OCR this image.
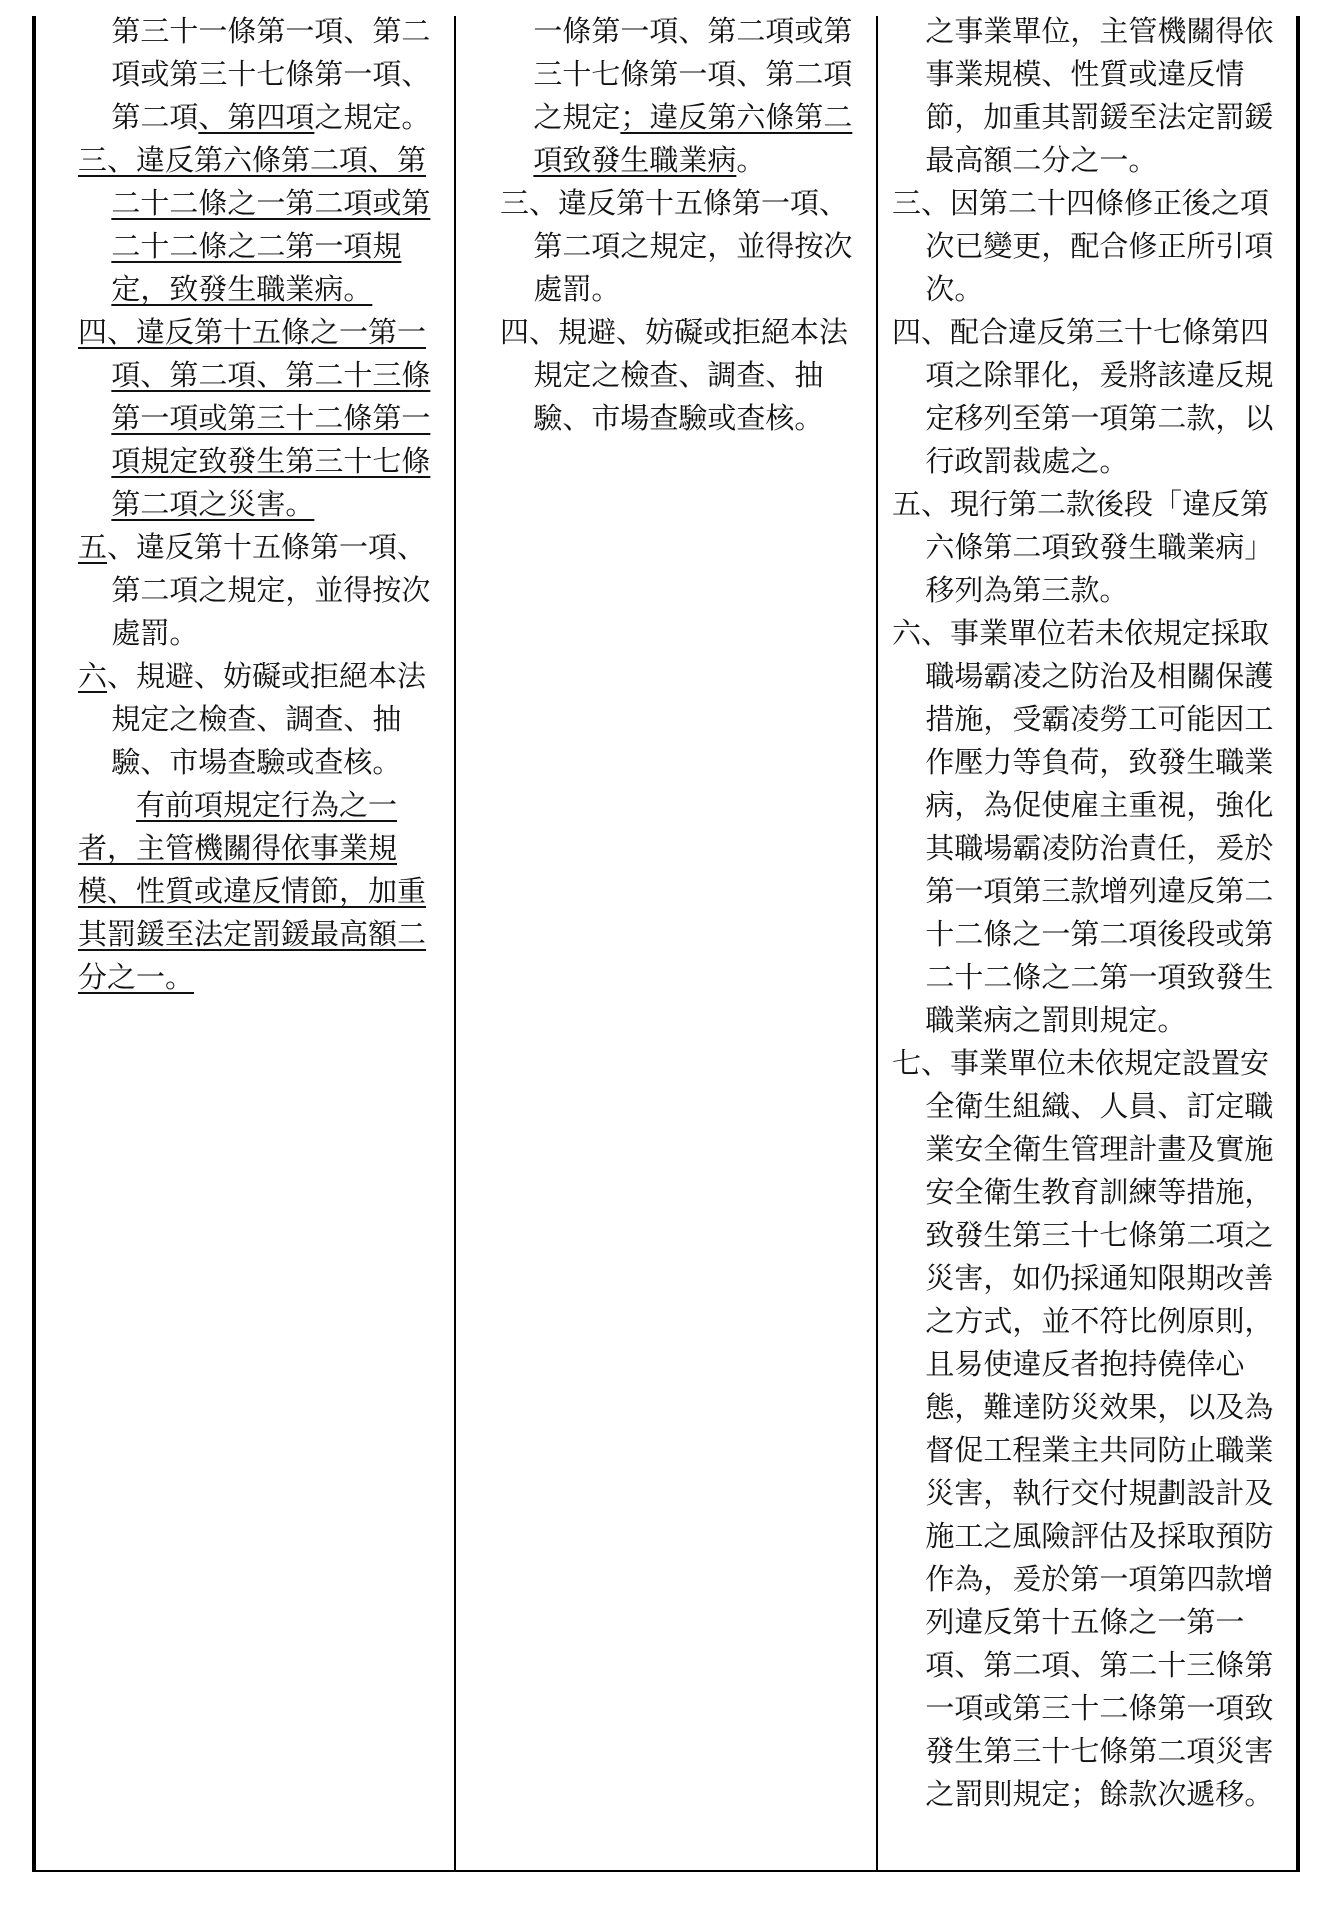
第三十一條第一項、第二項或第三十七條第一項、第二項、第四項之規定。

三、違反第六條第二項、第二十二條之一第二項或第二十二條之二第一項規定，致發生職業病。

四、違反第十五條之一第一項、第二項、第二十三條第一項或第三十二條第一項規定致發生第三十七條第二項之災害。

五、違反第十五條第一項、第二項之規定，並得按次處罰。

六、規避、妨礙或拒絕本法規定之檢查、調查、抽驗、市場查驗或查核。

有前項規定行為之一者，主管機關得依事業規模、性質或違反情節，加重其罰鍰至法定罰鍰最高額二分之一。

一條第一項、第二項或第三十七條第一項、第二項之規定；違反第六條第二項致發生職業病。

三、違反第十五條第一項、第二項之規定，並得按次處罰。

四、規避、妨礙或拒絕本法規定之檢查、調查、抽驗、市場查驗或查核。

之事業單位，主管機關得依事業規模、性質或違反情節，加重其罰鍰至法定罰鍰最高額二分之一。

三、因第二十四條修正後之項次已變更，配合修正所引項次。

四、配合違反第三十七條第四項之除罪化，爰將該違反規定移列至第一項第二款，以行政罰裁處之。

五、現行第二款後段「違反第六條第二項致發生職業病」移列為第三款。

六、事業單位若未依規定採取職場霸凌之防治及相關保護措施，受霸凌勞工可能因工作壓力等負荷，致發生職業病，為促使雇主重視，強化其職場霸凌防治責任，爰於第一項第三款增列違反第二十二條之一第二項後段或第二十二條之二第一項致發生職業病之罰則規定。

七、事業單位未依規定設置安全衛生組織、人員、訂定職業安全衛生管理計畫及實施安全衛生教育訓練等措施，致發生第三十七條第二項之災害，如仍採通知限期改善之方式，並不符比例原則，且易使違反者抱持僥倖心態，難達防災效果，以及為督促工程業主共同防止職業災害，執行交付規劃設計及施工之風險評估及採取預防作為，爰於第一項第四款增列違反第十五條之一第一項、第二項、第二十三條第一項或第三十二條第一項致發生第三十七條第二項災害之罰則規定；餘款次遞移。
